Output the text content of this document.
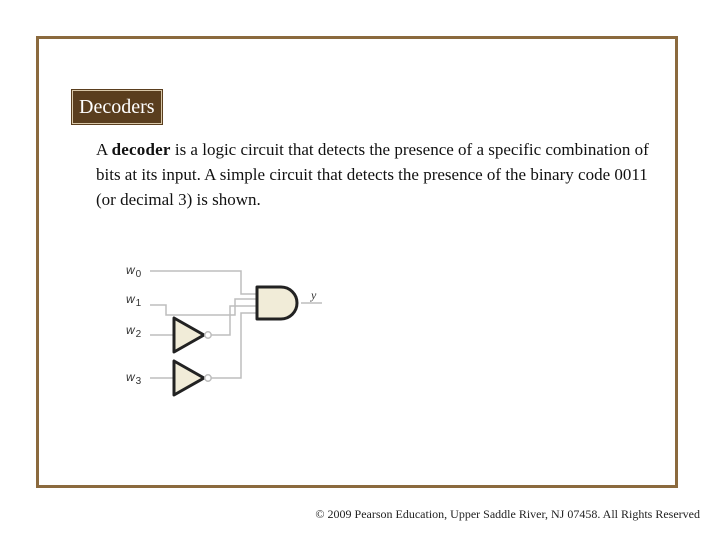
Decoders
A decoder is a logic circuit that detects the presence of a specific combination of bits at its input. A simple circuit that detects the presence of the binary code 0011 (or decimal 3) is shown.
$w_0$
$w_1$
$w_2$
$w_3$
y
© 2009 Pearson Education, Upper Saddle River, NJ 07458. All Rights Reserved
